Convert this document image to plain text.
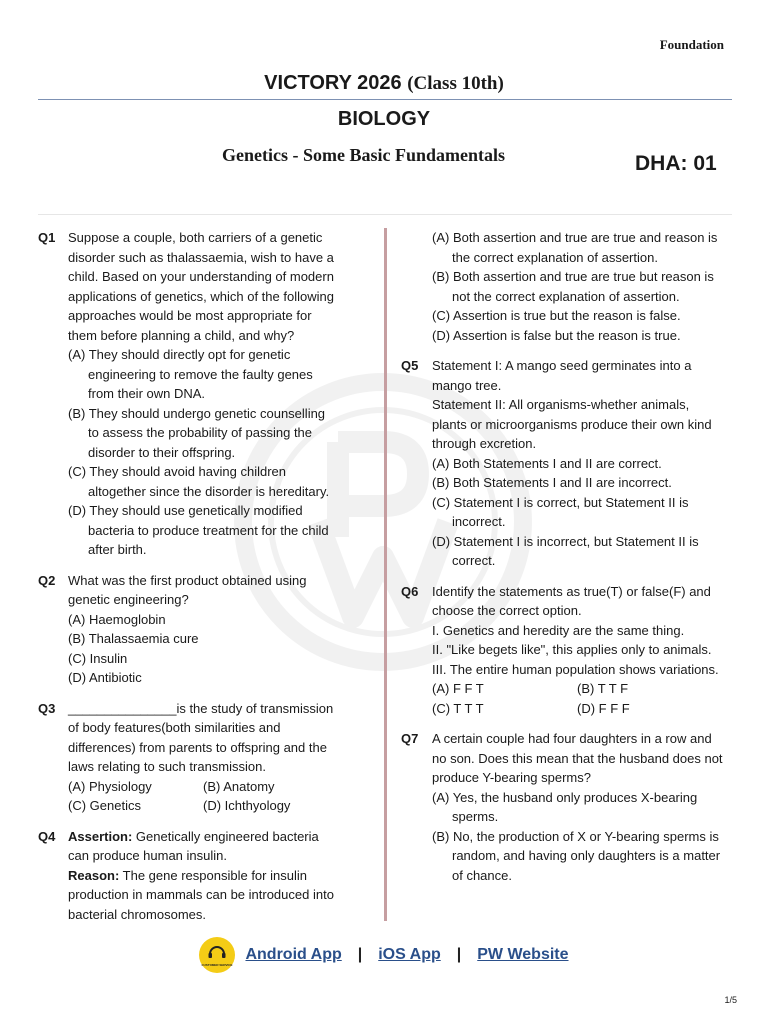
Foundation
VICTORY 2026 (Class 10th)
BIOLOGY
Genetics - Some Basic Fundamentals	DHA: 01
Q1 Suppose a couple, both carriers of a genetic disorder such as thalassaemia, wish to have a child. Based on your understanding of modern applications of genetics, which of the following approaches would be most appropriate for them before planning a child, and why?
(A) They should directly opt for genetic engineering to remove the faulty genes from their own DNA.
(B) They should undergo genetic counselling to assess the probability of passing the disorder to their offspring.
(C) They should avoid having children altogether since the disorder is hereditary.
(D) They should use genetically modified bacteria to produce treatment for the child after birth.
Q2 What was the first product obtained using genetic engineering?
(A) Haemoglobin
(B) Thalassaemia cure
(C) Insulin
(D) Antibiotic
Q3 _______________is the study of transmission of body features(both similarities and differences) from parents to offspring and the laws relating to such transmission.
(A) Physiology	(B) Anatomy
(C) Genetics	(D) Ichthyology
Q4 Assertion: Genetically engineered bacteria can produce human insulin.
Reason: The gene responsible for insulin production in mammals can be introduced into bacterial chromosomes.
(A) Both assertion and true are true and reason is the correct explanation of assertion.
(B) Both assertion and true are true but reason is not the correct explanation of assertion.
(C) Assertion is true but the reason is false.
(D) Assertion is false but the reason is true.
Q5 Statement I: A mango seed germinates into a mango tree.
Statement II: All organisms-whether animals, plants or microorganisms produce their own kind through excretion.
(A) Both Statements I and II are correct.
(B) Both Statements I and II are incorrect.
(C) Statement I is correct, but Statement II is incorrect.
(D) Statement I is incorrect, but Statement II is correct.
Q6 Identify the statements as true(T) or false(F) and choose the correct option.
I. Genetics and heredity are the same thing.
II. "Like begets like", this applies only to animals.
III. The entire human population shows variations.
(A) F F T	(B) T T F
(C) T T T	(D) F F F
Q7 A certain couple had four daughters in a row and no son. Does this mean that the husband does not produce Y-bearing sperms?
(A) Yes, the husband only produces X-bearing sperms.
(B) No, the production of X or Y-bearing sperms is random, and having only daughters is a matter of chance.
CUSTOMER SERVICE
Android App | iOS App | PW Website
1/5
